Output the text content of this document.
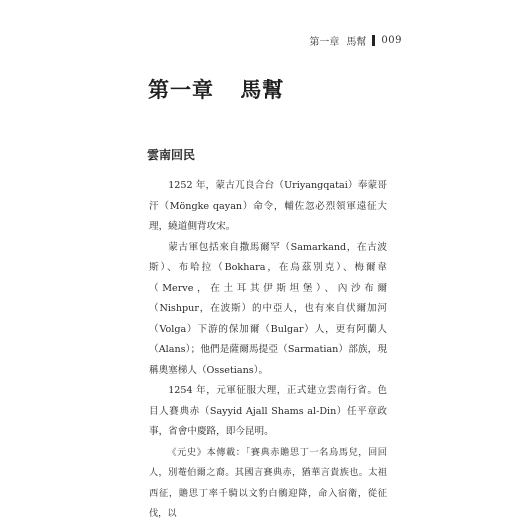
第一章 馬幫 009
第一章 馬幫
雲南回民

1252 年，蒙古兀良合台（Uriyangqatai）奉蒙哥汗（Möngke qayan）命令，輔佐忽必烈領軍遠征大理，繞道側背攻宋。

蒙古軍包括來自撒馬爾罕（Samarkand，在古波斯）、布哈拉（Bokhara，在烏茲別克）、梅爾韋（Merve，在土耳其伊斯坦堡）、內沙布爾（Nishpur，在波斯）的中亞人，也有來自伏爾加河（Volga）下游的保加爾（Bulgar）人，更有阿蘭人（Alans）；他們是薩爾馬提亞（Sarmatian）部族，現稱奧塞梯人（Ossetians）。

1254 年，元軍征服大理，正式建立雲南行省。色目人賽典赤（Sayyid Ajall Shams al-Din）任平章政事，省會中慶路，即今昆明。

《元史》本傳載：「賽典赤贍思丁一名烏馬兒，回回人，別菴伯爾之裔。其國言賽典赤，猶華言貴族也。太祖西征，贍思丁率千騎以文豹白鶻迎降，命入宿衛，從征伐，以
